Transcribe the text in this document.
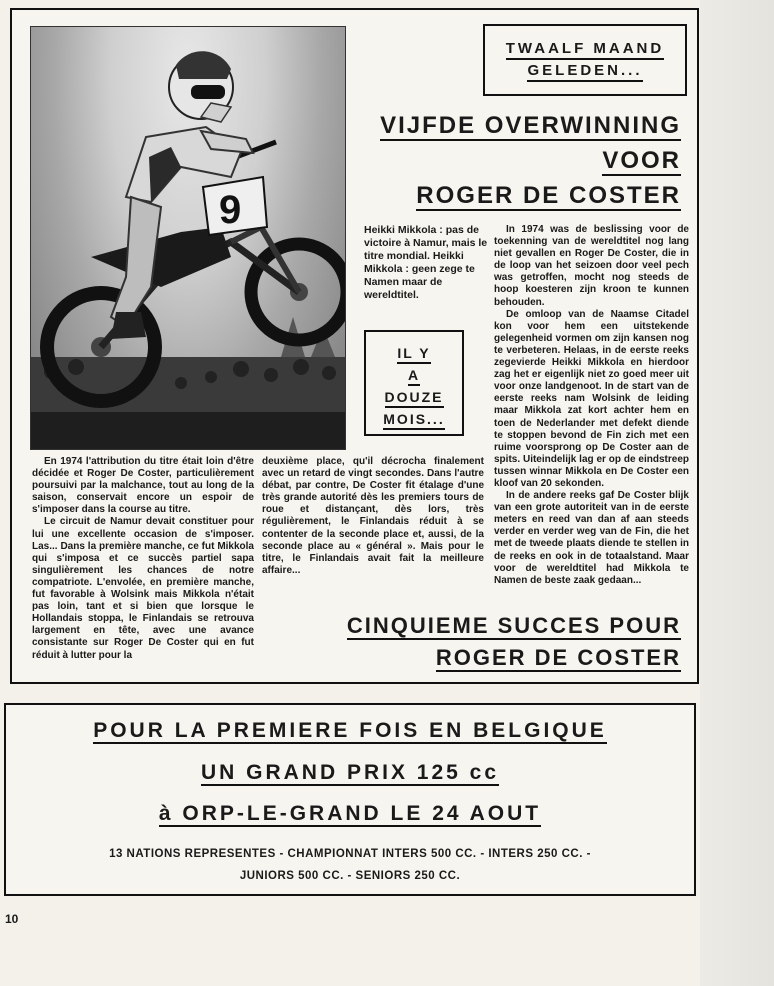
9
TWAALF MAAND
GELEDEN...
VIJFDE OVERWINNING
VOOR
ROGER DE COSTER
Heikki Mikkola : pas de victoire à Namur, mais le titre mondial. Heikki Mikkola : geen zege te Namen maar de wereldtitel.
IL Y
A
DOUZE
MOIS...

In 1974 was de beslissing voor de toekenning van de wereldtitel nog lang niet gevallen en Roger De Coster, die in de loop van het seizoen door veel pech was getroffen, mocht nog steeds de hoop koesteren zijn kroon te kunnen behouden.

De omloop van de Naamse Citadel kon voor hem een uitstekende gelegenheid vormen om zijn kansen nog te verbeteren. Helaas, in de eerste reeks zegevierde Heikki Mikkola en hierdoor zag het er eigenlijk niet zo goed meer uit voor onze landgenoot. In de start van de eerste reeks nam Wolsink de leiding maar Mikkola zat kort achter hem en toen de Nederlander met defekt diende te stoppen bevond de Fin zich met een ruime voorsprong op De Coster aan de spits. Uiteindelijk lag er op de eindstreep tussen winnar Mikkola en De Coster een kloof van 20 sekonden.

In de andere reeks gaf De Coster blijk van een grote autoriteit van in de eerste meters en reed van dan af aan steeds verder en verder weg van de Fin, die het met de tweede plaats diende te stellen in de reeks en ook in de totaalstand. Maar voor de wereldtitel had Mikkola te Namen de beste zaak gedaan...

En 1974 l'attribution du titre était loin d'être décidée et Roger De Coster, particulièrement poursuivi par la malchance, tout au long de la saison, conservait encore un espoir de s'imposer dans la course au titre.

Le circuit de Namur devait constituer pour lui une excellente occasion de s'imposer. Las... Dans la première manche, ce fut Mikkola qui s'imposa et ce succès partiel sapa singulièrement les chances de notre compatriote. L'envolée, en première manche, fut favorable à Wolsink mais Mikkola n'était pas loin, tant et si bien que lorsque le Hollandais stoppa, le Finlandais se retrouva largement en tête, avec une avance consistante sur Roger De Coster qui en fut réduit à lutter pour la

deuxième place, qu'il décrocha finalement avec un retard de vingt secondes. Dans l'autre débat, par contre, De Coster fit étalage d'une très grande autorité dès les premiers tours de roue et distançant, dès lors, très régulièrement, le Finlandais réduit à se contenter de la seconde place et, aussi, de la seconde place au « général ». Mais pour le titre, le Finlandais avait fait la meilleure affaire...

CINQUIEME SUCCES POUR
ROGER DE COSTER
POUR LA PREMIERE FOIS EN BELGIQUE
UN GRAND PRIX 125 cc
à ORP-LE-GRAND LE 24 AOUT
13 NATIONS REPRESENTES - CHAMPIONNAT INTERS 500 CC. - INTERS 250 CC. -
JUNIORS 500 CC. - SENIORS 250 CC.
10
